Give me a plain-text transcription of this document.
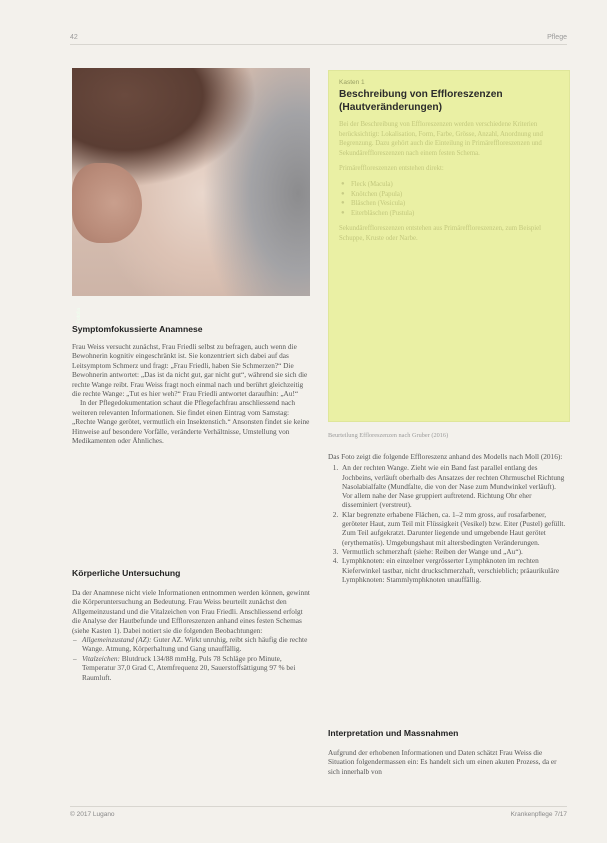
42	Pflege
Fotolia
Symptomfokussierte Anamnese

Frau Weiss versucht zunächst, Frau Friedli selbst zu befragen, auch wenn die Bewohnerin kognitiv eingeschränkt ist. Sie konzentriert sich dabei auf das Leitsymptom Schmerz und fragt: „Frau Friedli, haben Sie Schmerzen?“ Die Bewohnerin antwortet: „Das ist da nicht gut, gar nicht gut“, während sie sich die rechte Wange reibt. Frau Weiss fragt noch einmal nach und berührt gleichzeitig die rechte Wange: „Tut es hier weh?“ Frau Friedli antwortet daraufhin: „Au!“

In der Pflegedokumentation schaut die Pflegefachfrau anschliessend nach weiteren relevanten Informationen. Sie findet einen Eintrag vom Samstag: „Rechte Wange gerötet, vermutlich ein Insektenstich.“ Ansonsten findet sie keine Hinweise auf besondere Vorfälle, veränderte Verhältnisse, Umstellung von Medikamenten oder Ähnliches.

Körperliche Untersuchung

Da der Anamnese nicht viele Informationen entnommen werden können, gewinnt die Körperuntersuchung an Bedeutung. Frau Weiss beurteilt zunächst den Allgemeinzustand und die Vitalzeichen von Frau Friedli. Anschliessend erfolgt die Analyse der Hautbefunde und Effloreszenzen anhand eines festen Schemas (siehe Kasten 1). Dabei notiert sie die folgenden Beobachtungen:

– Allgemeinzustand (AZ): Guter AZ. Wirkt unruhig, reibt sich häufig die rechte Wange. Atmung, Körperhaltung und Gang unauffällig.
– Vitalzeichen: Blutdruck 134/88 mmHg, Puls 78 Schläge pro Minute, Temperatur 37,0 Grad C, Atemfrequenz 20, Sauerstoffsättigung 97 % bei Raumluft.
Kasten 1
Beschreibung von Effloreszenzen (Hautveränderungen)

Bei der Beschreibung von Effloreszenzen werden verschiedene Kriterien berücksichtigt: Lokalisation, Form, Farbe, Grösse, Anzahl, Anordnung und Begrenzung. Dazu gehört auch die Einteilung in Primäreffloreszenzen und Sekundäreffloreszenzen nach einem festen Schema.

Primäreffloreszenzen entstehen direkt:

● Fleck (Macula)
● Knötchen (Papula)
● Bläschen (Vesicula)
● Eiterbläschen (Pustula)

Sekundäreffloreszenzen entstehen aus Primäreffloreszenzen, zum Beispiel Schuppe, Kruste oder Narbe.

Beurteilung Effloreszenzen nach Gruber (2016)

Das Foto zeigt die folgende Effloreszenz anhand des Modells nach Moll (2016):

1. An der rechten Wange. Zieht wie ein Band fast parallel entlang des Jochbeins, verläuft oberhalb des Ansatzes der rechten Ohrmuschel Richtung Nasolabialfalte (Mundfalte, die von der Nase zum Mundwinkel verläuft). Vor allem nahe der Nase gruppiert auftretend. Richtung Ohr eher disseminiert (verstreut).
2. Klar begrenzte erhabene Flächen, ca. 1–2 mm gross, auf rosafarbener, geröteter Haut, zum Teil mit Flüssigkeit (Vesikel) bzw. Eiter (Pustel) gefüllt. Zum Teil aufgekratzt. Darunter liegende und umgebende Haut gerötet (erythematös). Umgebungshaut mit altersbedingten Veränderungen.
3. Vermutlich schmerzhaft (siehe: Reiben der Wange und „Au“).
4. Lymphknoten: ein einzelner vergrösserter Lymphknoten im rechten Kieferwinkel tastbar, nicht druckschmerzhaft, verschieblich; präaurikuläre Lymphknoten: Stammlymphknoten unauffällig.
Interpretation und Massnahmen

Aufgrund der erhobenen Informationen und Daten schätzt Frau Weiss die Situation folgendermassen ein: Es handelt sich um einen akuten Prozess, da er sich innerhalb von

© 2017 Lugano	Krankenpflege 7/17
